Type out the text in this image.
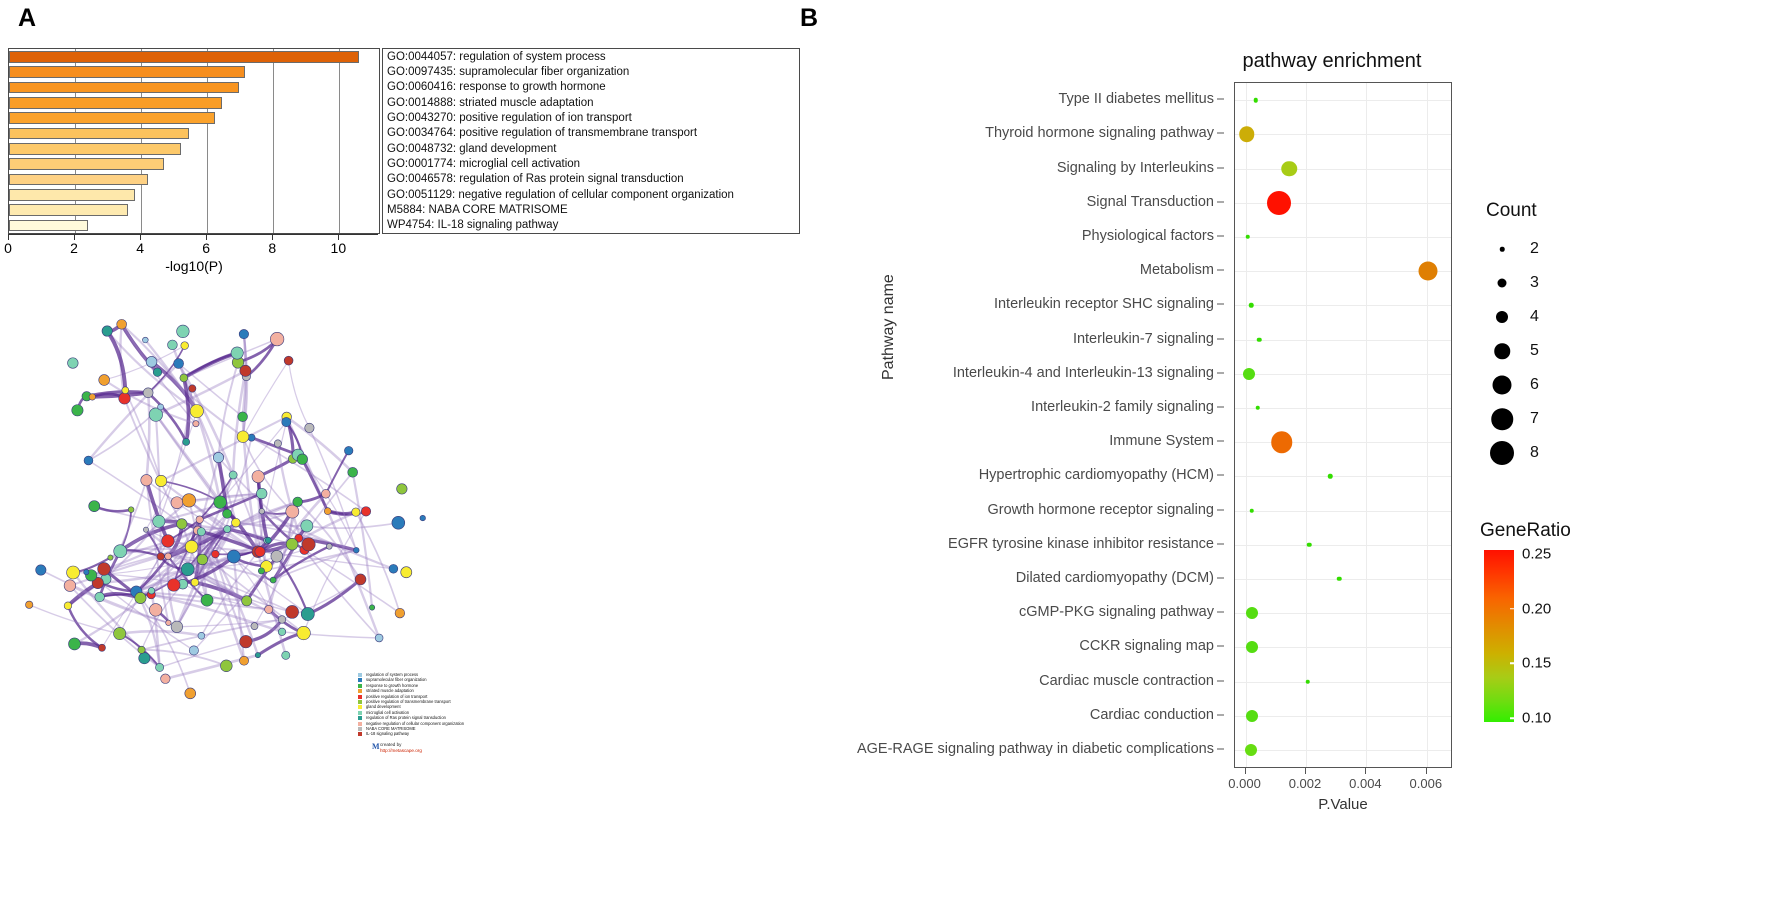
A	B
0	2	4	6	8	10
-log10(P)
GO:0044057: regulation of system process
GO:0097435: supramolecular fiber organization
GO:0060416: response to growth hormone
GO:0014888: striated muscle adaptation
GO:0043270: positive regulation of ion transport
GO:0034764: positive regulation of transmembrane transport
GO:0048732: gland development
GO:0001774: microglial cell activation
GO:0046578: regulation of Ras protein signal transduction
GO:0051129: negative regulation of cellular component organization
M5884: NABA CORE MATRISOME
WP4754: IL-18 signaling pathway
regulation of system process
supramolecular fiber organization
response to growth hormone
striated muscle adaptation
positive regulation of ion transport
positive regulation of transmembrane transport
gland development
microglial cell activation
regulation of Ras protein signal transduction
negative regulation of cellular component organization
NABA CORE MATRISOME
IL-18 signaling pathway
M created by
http://metascape.org
pathway enrichment
Pathway name
Type II diabetes mellitus
Thyroid hormone signaling pathway
Signaling by Interleukins
Signal Transduction
Physiological factors
Metabolism
Interleukin receptor SHC signaling
Interleukin-7 signaling
Interleukin-4 and Interleukin-13 signaling
Interleukin-2 family signaling
Immune System
Hypertrophic cardiomyopathy (HCM)
Growth hormone receptor signaling
EGFR tyrosine kinase inhibitor resistance
Dilated cardiomyopathy (DCM)
cGMP-PKG signaling pathway
CCKR signaling map
Cardiac muscle contraction
Cardiac conduction
AGE-RAGE signaling pathway in diabetic complications
0.000 0.002 0.004 0.006
P.Value
Count
2
3
4
5
6
7
8
GeneRatio
0.25
0.20
0.15
0.10
